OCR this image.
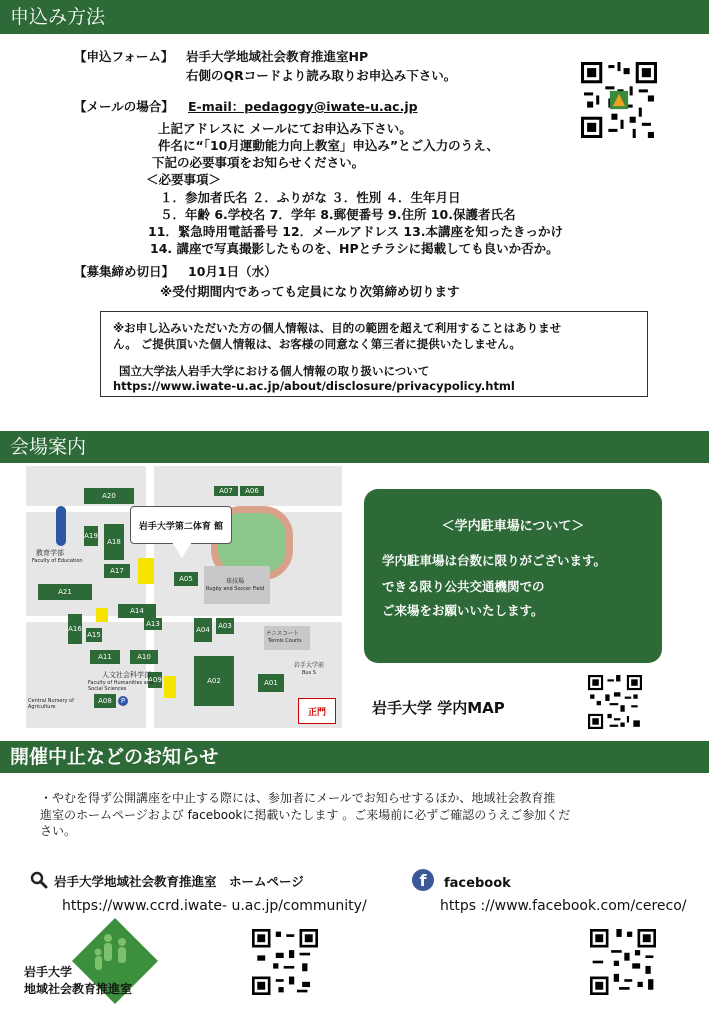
申込み方法
【申込フォーム】 岩手大学地域社会教育推進室HP
右側のQRコードより読み取りお申込み下さい。
【メールの場合】 E-mail：pedagogy@iwate-u.ac.jp
上記アドレスに メールにてお申込み下さい。
件名に“「10月運動能力向上教室」申込み”とご入力のうえ、
下記の必要事項をお知らせください。
＜必要事項＞
１．参加者氏名 ２．ふりがな ３．性別 ４．生年月日
５．年齢 6.学校名 7．学年 8.郵便番号 9.住所 10.保護者氏名
11．緊急時用電話番号 12．メールアドレス 13.本講座を知ったきっかけ
14. 講座で写真撮影したものを、HPとチラシに掲載しても良いか否か。
【募集締め切日】 10月1日（水）
※受付期間内であっても定員になり次第締め切ります
※お申し込みいただいた方の個人情報は、目的の範囲を超えて利用することはありませ
ん。 ご提供頂いた個人情報は、お客様の同意なく第三者に提供いたしません。
国立大学法人岩手大学における個人情報の取り扱いについて
https://www.iwate-u.ac.jp/about/disclosure/privacypolicy.html
会場案内
A20
A19
A18
A17
A21
A16
A15
A14
A13
A11	A10
A09
A08
A05
A04	A03
A02	A01
A07	A06
教育学部
Faculty of Education
人文社会科学部
Faculty of Humanities and Social Sciences
球技場
Rugby and Soccer Field
テニスコート
Tennis Courts
岩手大学前
Bus S
Central Nursery of Agriculture
P
岩手大学第二体育 館
正門
＜学内駐車場について＞
学内駐車場は台数に限りがございます。
できる限り公共交通機関での
ご来場をお願いいたします。
岩手大学 学内MAP
開催中止などのお知らせ
・やむを得ず公開講座を中止する際には、参加者にメールでお知らせするほか、地域社会教育推
進室のホームページおよび facebookに掲載いたします 。ご来場前に必ずご確認のうえご参加くだ
さい。
岩手大学地域社会教育推進室　ホームページ
https://www.ccrd.iwate- u.ac.jp/community/
f	facebook
https ://www.facebook.com/cereco/
岩手大学
地域社会教育推進室
